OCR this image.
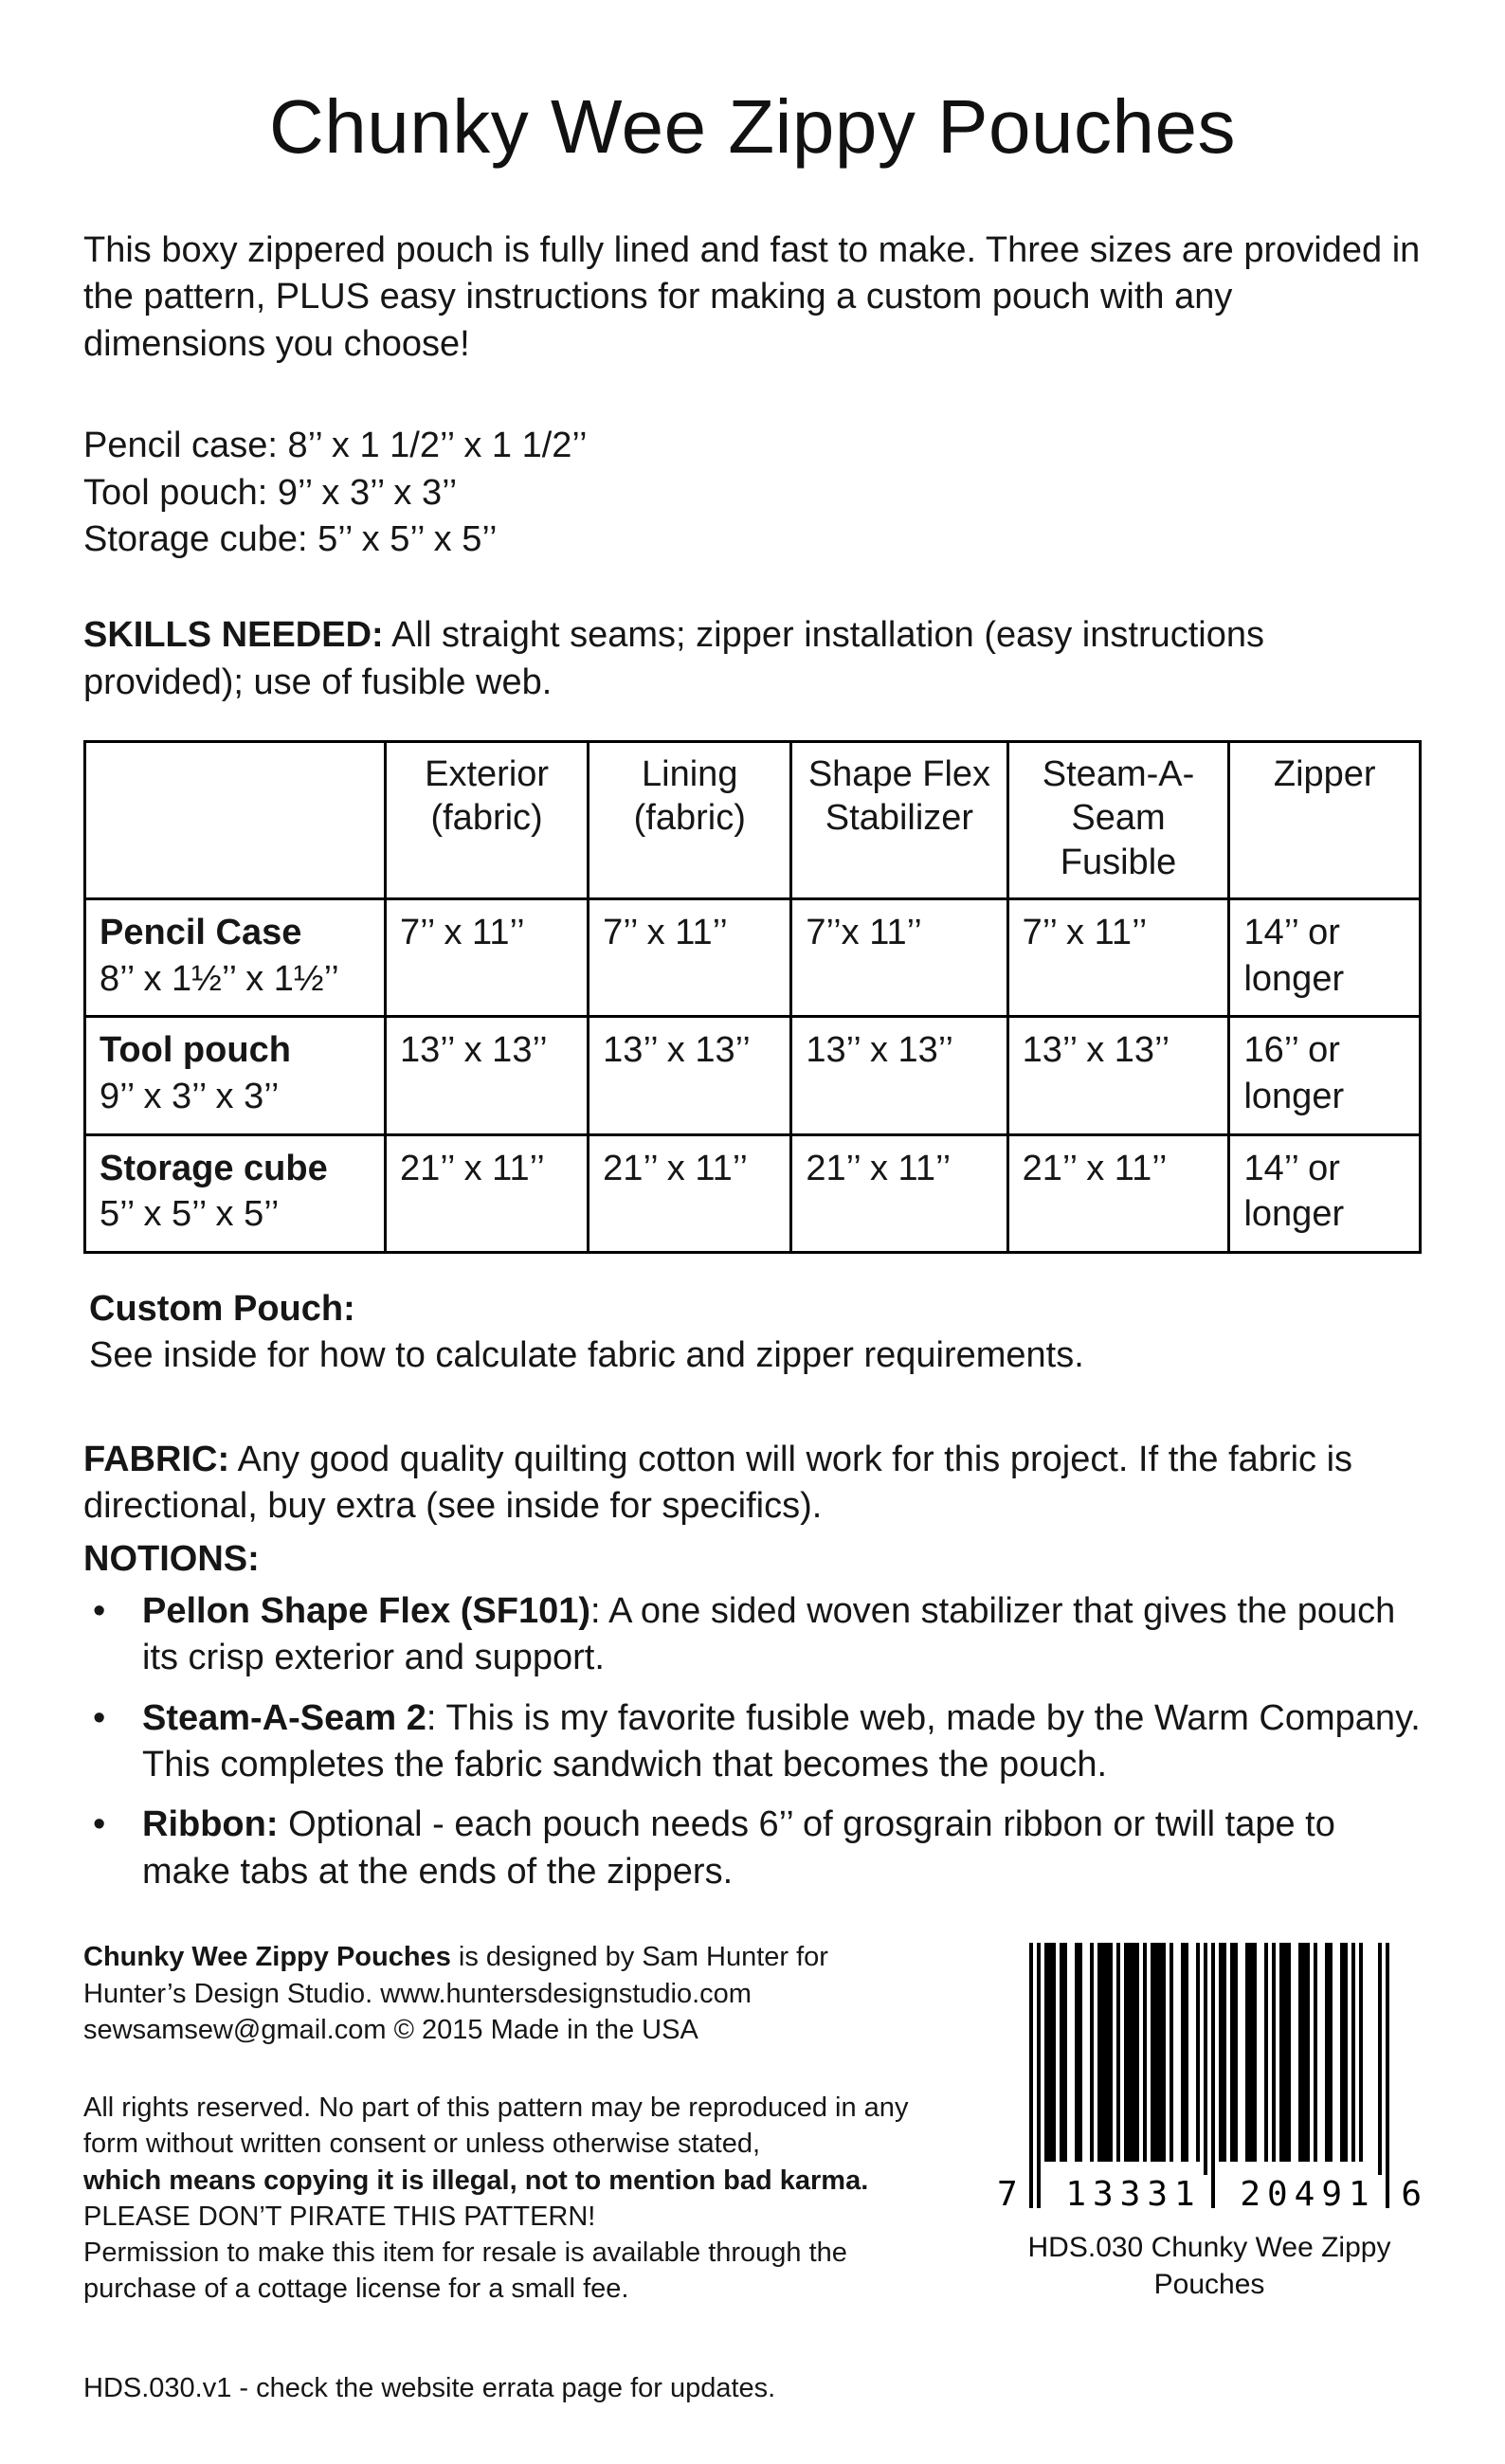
Chunky Wee Zippy Pouches

This boxy zippered pouch is fully lined and fast to make. Three sizes are provided in the pattern, PLUS easy instructions for making a custom pouch with any dimensions you choose!

Pencil case: 8’’ x 1 1/2’’ x 1 1/2’’
Tool pouch: 9’’ x 3’’ x 3’’
Storage cube: 5’’ x 5’’ x 5’’

SKILLS NEEDED: All straight seams; zipper installation (easy instructions provided); use of fusible web.

	Exterior (fabric)	Lining (fabric)	Shape Flex Stabilizer	Steam-A-Seam Fusible	Zipper

Pencil Case
8’’ x 1½’’ x 1½’’	7’’ x 11’’	7’’ x 11’’	7’’x 11’’	7’’ x 11’’	14’’ or longer

Tool pouch
9’’ x 3’’ x 3’’	13’’ x 13’’	13’’ x 13’’	13’’ x 13’’	13’’ x 13’’	16’’ or longer

Storage cube
5’’ x 5’’ x 5’’	21’’ x 11’’	21’’ x 11’’	21’’ x 11’’	21’’ x 11’’	14’’ or longer
Custom Pouch:
See inside for how to calculate fabric and zipper requirements.

FABRIC: Any good quality quilting cotton will work for this project. If the fabric is directional, buy extra (see inside for specifics).

NOTIONS:
•	Pellon Shape Flex (SF101): A one sided woven stabilizer that gives the pouch its crisp exterior and support.
•	Steam-A-Seam 2: This is my favorite fusible web, made by the Warm Company. This completes the fabric sandwich that becomes the pouch.
•	Ribbon: Optional - each pouch needs 6’’ of grosgrain ribbon or twill tape to make tabs at the ends of the zippers.

Chunky Wee Zippy Pouches is designed by Sam Hunter for Hunter’s Design Studio. www.huntersdesignstudio.com
sewsamsew@gmail.com © 2015 Made in the USA

All rights reserved. No part of this pattern may be reproduced in any form without written consent or unless otherwise stated,
which means copying it is illegal, not to mention bad karma.
PLEASE DON’T PIRATE THIS PATTERN!
Permission to make this item for resale is available through the purchase of a cottage license for a small fee.

HDS.030.v1 - check the website errata page for updates.

7 13331 20491 6
HDS.030 Chunky Wee Zippy Pouches
